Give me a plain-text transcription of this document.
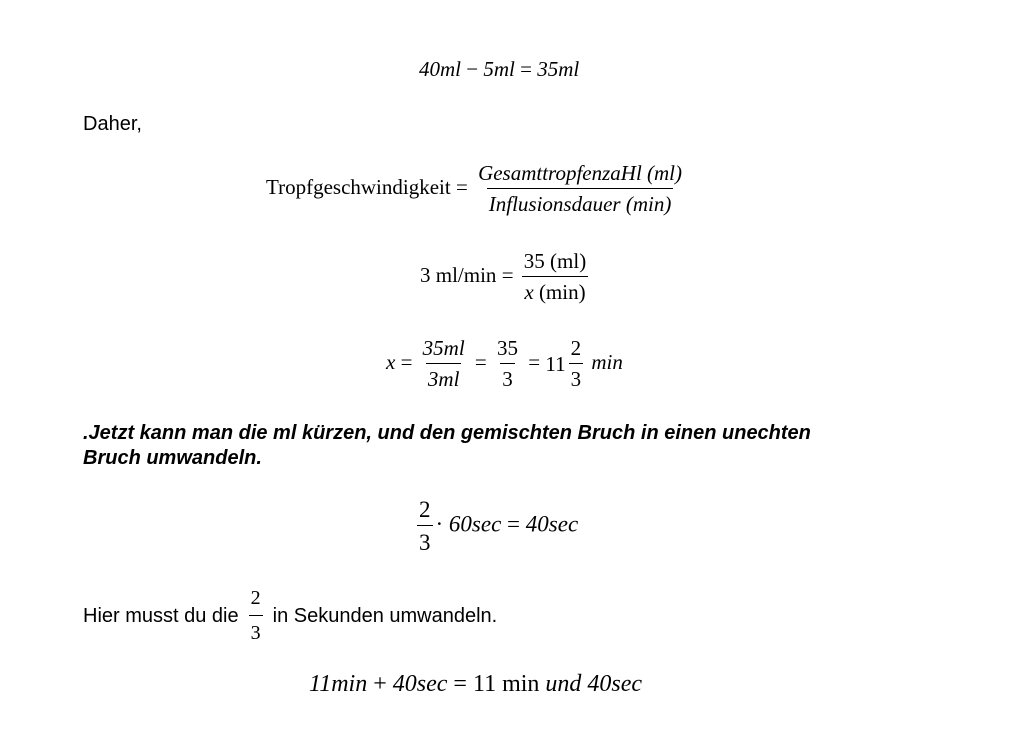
40ml − 5ml = 35ml
Daher,
Tropfgeschwindigkeit = $\frac{\text{GesamttropfenzaHl (ml)}}{\text{Influsionsdauer (min)}}$
3 $ml/\min = \frac{35 (ml)}{x (\min)}$
$x = \frac{35ml}{3ml} = \frac{35}{3} = 11 \frac{2}{3}$ min
.Jetzt kann man die ml kürzen, und den gemischten Bruch in einen unechten
Bruch umwandeln.
$\frac{2}{3} \cdot 60\sec = 40\sec$
Hier musst du die $\frac{2}{3}$ in Sekunden umwandeln.
11min + 40sec = 11 min und 40sec
